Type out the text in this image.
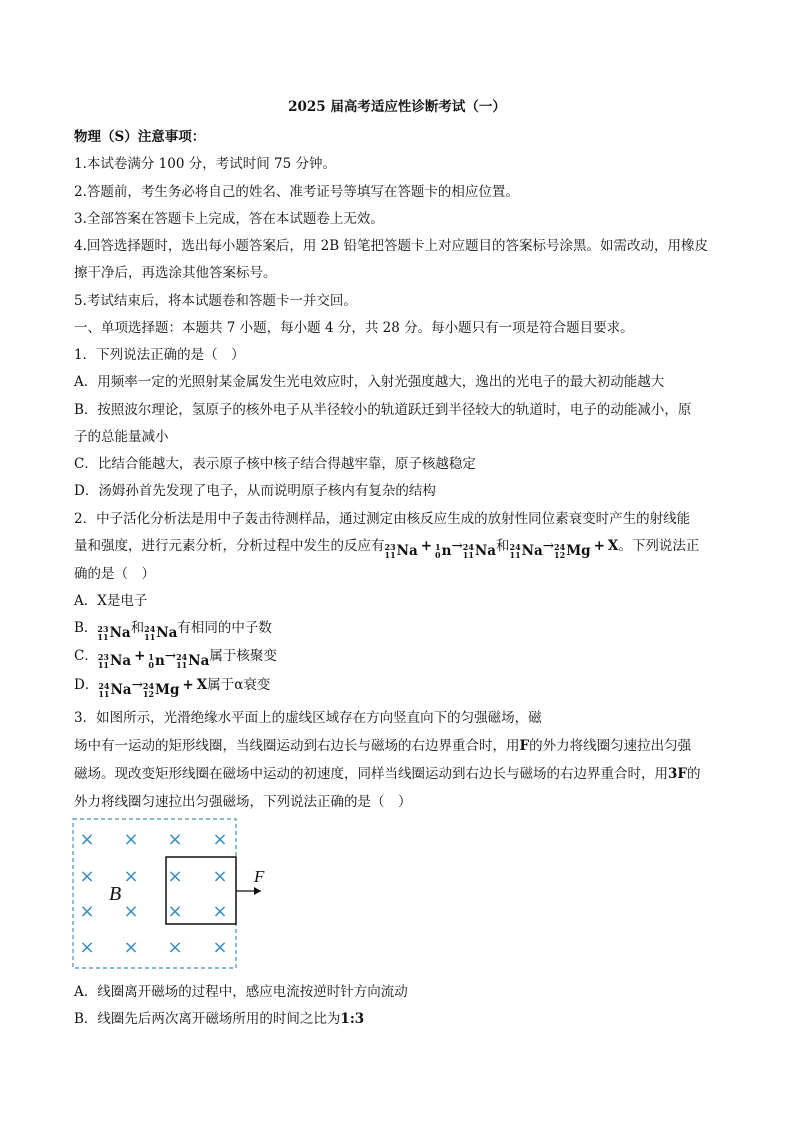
2025 届高考适应性诊断考试（一）
物理（S）注意事项：
1.本试卷满分 100 分，考试时间 75 分钟。
2.答题前，考生务必将自己的姓名、准考证号等填写在答题卡的相应位置。
3.全部答案在答题卡上完成，答在本试题卷上无效。
4.回答选择题时，选出每小题答案后，用 2B 铅笔把答题卡上对应题目的答案标号涂黑。如需改动，用橡皮
擦干净后，再选涂其他答案标号。
5.考试结束后，将本试题卷和答题卡一并交回。
一、单项选择题：本题共 7 小题，每小题 4 分，共 28 分。每小题只有一项是符合题目要求。
1．下列说法正确的是（　）
A．用频率一定的光照射某金属发生光电效应时，入射光强度越大，逸出的光电子的最大初动能越大
B．按照波尔理论，氢原子的核外电子从半径较小的轨道跃迁到半径较大的轨道时，电子的动能减小，原
子的总能量减小
C．比结合能越大，表示原子核中核子结合得越牢靠，原子核越稳定
D．汤姆孙首先发现了电子，从而说明原子核内有复杂的结构
2．中子活化分析法是用中子轰击待测样品，通过测定由核反应生成的放射性同位素衰变时产生的射线能
量和强度，进行元素分析，分析过程中发生的反应有 23
11 Na + 1
0 n → 24
11 Na 和 24
11 Na → 24
12 Mg + X。下列说法正
确的是（　）
A．X是电子
B． 23
11 Na 和 24
11 Na 有相同的中子数
C． 23
11 Na + 1
0 n → 24
11 Na 属于核聚变
D． 24
11 Na → 24
12 Mg + X属于α衰变
3．如图所示，光滑绝缘水平面上的虚线区域存在方向竖直向下的匀强磁场，磁
场中有一运动的矩形线圈，当线圈运动到右边长与磁场的右边界重合时，用F的外力将线圈匀速拉出匀强
磁场。现改变矩形线圈在磁场中运动的初速度，同样当线圈运动到右边长与磁场的右边界重合时，用3F的
外力将线圈匀速拉出匀强磁场，下列说法正确的是（　）
× × × ×
× × × ×
× × × ×
× × × ×
B
F
A．线圈离开磁场的过程中，感应电流按逆时针方向流动
B．线圈先后两次离开磁场所用的时间之比为1:3
